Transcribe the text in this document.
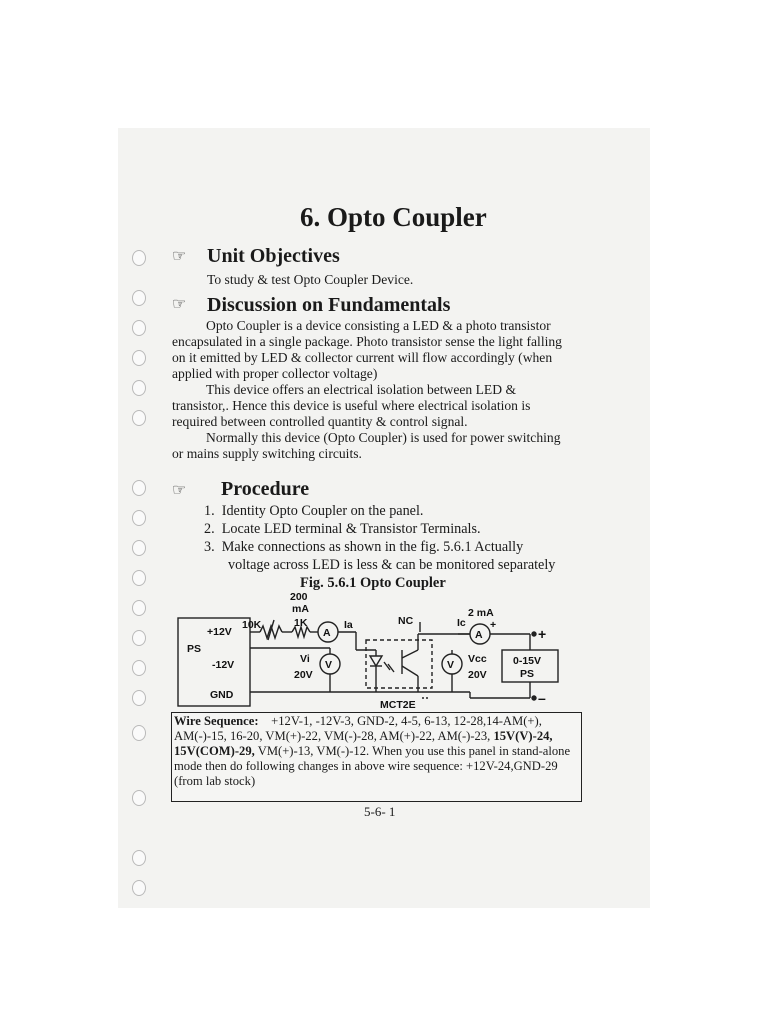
6. Opto Coupler
☞ Unit Objectives
To study & test Opto Coupler Device.
☞ Discussion on Fundamentals
Opto Coupler is a device consisting a LED & a photo transistor
encapsulated in a single package. Photo transistor sense the light falling
on it emitted by LED & collector current will flow accordingly (when
applied with proper collector voltage)
This device offers an electrical isolation between LED &
transistor,. Hence this device is useful where electrical isolation is
required between controlled quantity & control signal.
Normally this device (Opto Coupler) is used for power switching
or mains supply switching circuits.
☞ Procedure
1. Identity Opto Coupler on the panel.
2. Locate LED terminal & Transistor Terminals.
3. Make connections as shown in the fig. 5.6.1 Actually
voltage across LED is less & can be monitored separately
Fig. 5.6.1 Opto Coupler
200
mA
+12V
PS
-12V
GND
10K	1K	Ia	NC	Ic
2 mA
Vi
20V
Vcc
20V
0-15V
PS
MCT2E
A	A
V	V
+
+
–
Wire Sequence: +12V-1, -12V-3, GND-2, 4-5, 6-13, 12-28,14-AM(+),
AM(-)-15, 16-20, VM(+)-22, VM(-)-28, AM(+)-22, AM(-)-23, 15V(V)-24,
15V(COM)-29, VM(+)-13, VM(-)-12. When you use this panel in stand-alone
mode then do following changes in above wire sequence: +12V-24,GND-29
(from lab stock)
5-6- 1
